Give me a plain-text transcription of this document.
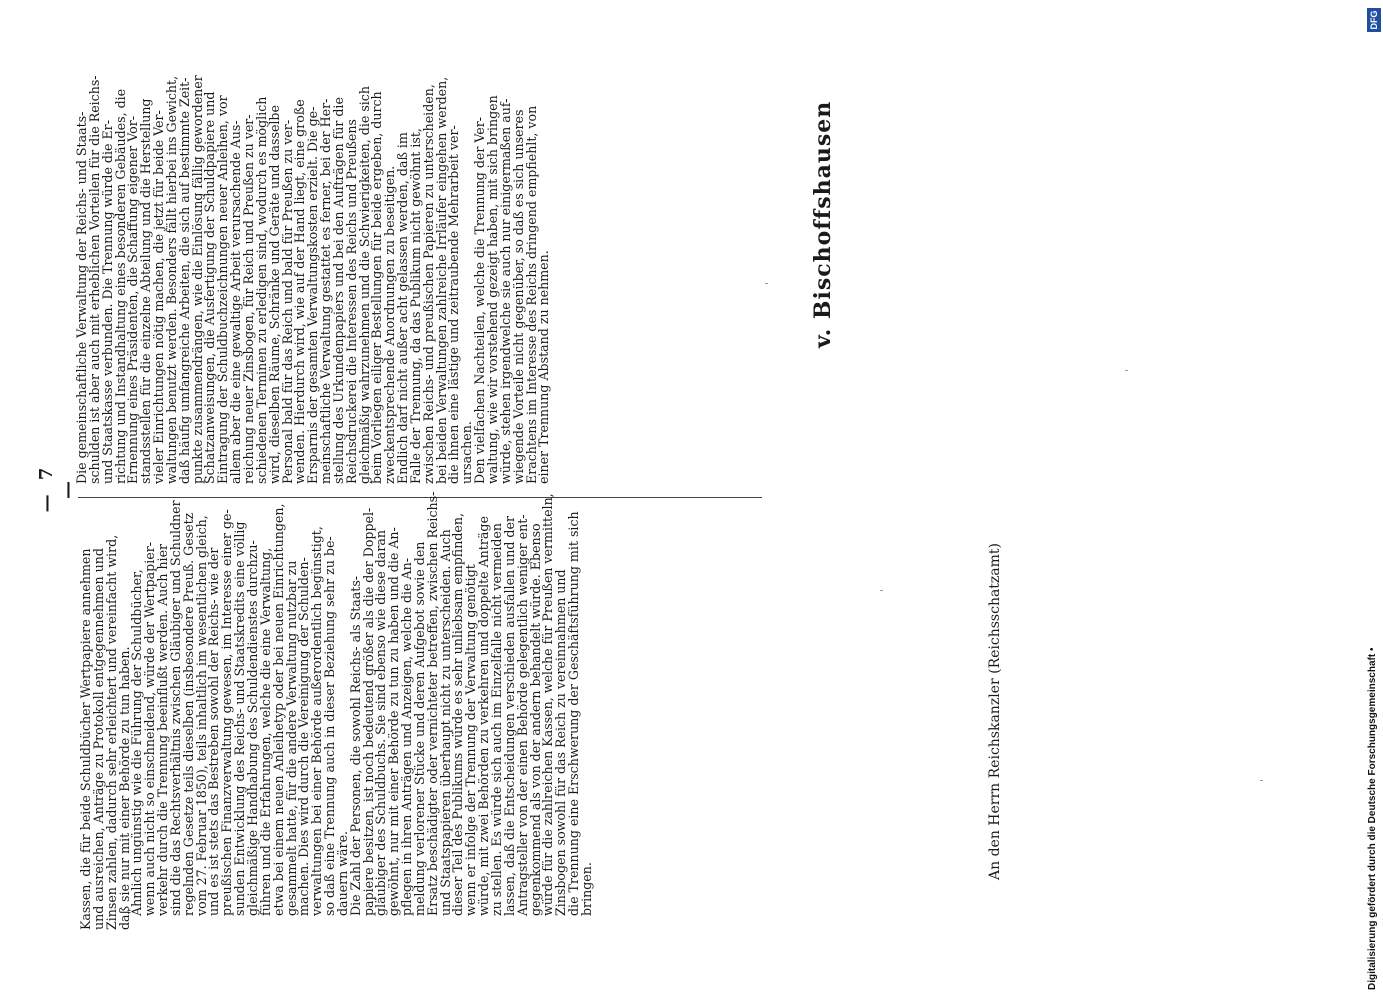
— 7 —

Kassen, die für beide Schuldbücher Wertpapiere annehmen
und ausreichen, Anträge zu Protokoll entgegennehmen und
Zinsen zahlen, dadurch sehr erleichtert und vereinfacht wird,
daß sie nur mit einer Behörde zu tun haben.

Ähnlich ungünstig wie die Führung der Schuldbücher,
wenn auch nicht so einschneidend, würde der Wertpapier-
verkehr durch die Trennung beeinflußt werden. Auch hier
sind die das Rechtsverhältnis zwischen Gläubiger und Schuldner
regelnden Gesetze teils dieselben (insbesondere Preuß. Gesetz
vom 27. Februar 1850), teils inhaltlich im wesentlichen gleich,
und es ist stets das Bestreben sowohl der Reichs- wie der
preußischen Finanzverwaltung gewesen, im Interesse einer ge-
sunden Entwicklung des Reichs- und Staatskredits eine völlig
gleichmäßige Handhabung des Schuldendienstes durchzu-
führen und die Erfahrungen, welche die eine Verwaltung,
etwa bei einem neuen Anleihetyp oder bei neuen Einrichtungen,
gesammelt hatte, für die andere Verwaltung nutzbar zu
machen. Dies wird durch die Vereinigung der Schulden-
verwaltungen bei einer Behörde außerordentlich begünstigt,
so daß eine Trennung auch in dieser Beziehung sehr zu be-
dauern wäre.

Die Zahl der Personen, die sowohl Reichs- als Staats-
papiere besitzen, ist noch bedeutend größer als die der Doppel-
gläubiger des Schuldbuchs. Sie sind ebenso wie diese daran
gewöhnt, nur mit einer Behörde zu tun zu haben und die An-
pflegen in ihren Anträgen und Anzeigen, welche die An-
meldung verlorener Stücke und deren Aufgebot sowie den
Ersatz beschädigter oder vernichteter betreffen, zwischen Reichs-
und Staatspapieren überhaupt nicht zu unterscheiden. Auch
dieser Teil des Publikums würde es sehr unliebsam empfinden,
wenn er infolge der Trennung der Verwaltung genötigt
würde, mit zwei Behörden zu verkehren und doppelte Anträge
zu stellen. Es würde sich auch im Einzelfalle nicht vermeiden
lassen, daß die Entscheidungen verschieden ausfallen und der
Antragsteller von der einen Behörde gelegentlich weniger ent-
gegenkommend als von der andern behandelt würde. Ebenso
würde für die zahlreichen Kassen, welche für Preußen vermitteln,
Zinsbogen sowohl für das Reich zu vereinnahmen und
die Trennung eine Erschwerung der Geschäftsführung mit sich
bringen.

Die gemeinschaftliche Verwaltung der Reichs- und Staats-
schulden ist aber auch mit erheblichen Vorteilen für die Reichs-
und Staatskasse verbunden. Die Trennung würde die Er-
richtung und Instandhaltung eines besonderen Gebäudes, die
Ernennung eines Präsidenten, die Schaffung eigener Vor-
standsstellen für die einzelne Abteilung und die Herstellung
vieler Einrichtungen nötig machen, die jetzt für beide Ver-
waltungen benutzt werden. Besonders fällt hierbei ins Gewicht,
daß häufig umfangreiche Arbeiten, die sich auf bestimmte Zeit-
punkte zusammendrängen, wie die Einlösung fällig gewordener
Schatzanweisungen, die Ausfertigung der Schuldpapiere und
Eintragung der Schuldbuchzeichnungen neuer Anleihen, vor
allem aber die eine gewaltige Arbeit verursachende Aus-
reichung neuer Zinsbogen, für Reich und Preußen zu ver-
schiedenen Terminen zu erledigen sind, wodurch es möglich
wird, dieselben Räume, Schränke und Geräte und dasselbe
Personal bald für das Reich und bald für Preußen zu ver-
wenden. Hierdurch wird, wie auf der Hand liegt, eine große
Ersparnis der gesamten Verwaltungskosten erzielt. Die ge-
meinschaftliche Verwaltung gestattet es ferner, bei der Her-
stellung des Urkundenpapiers und bei den Aufträgen für die
Reichsdruckerei die Interessen des Reichs und Preußens
gleichmäßig wahrzunehmen und die Schwierigkeiten, die sich
beim Vorliegen eiliger Bestellungen für beide ergeben, durch
zweckentsprechende Anordnungen zu beseitigen.

Endlich darf nicht außer acht gelassen werden, daß im
Falle der Trennung, da das Publikum nicht gewöhnt ist,
zwischen Reichs- und preußischen Papieren zu unterscheiden,
bei beiden Verwaltungen zahlreiche Irrläufer eingehen werden,
die ihnen eine lästige und zeitraubende Mehrarbeit ver-
ursachen.

Den vielfachen Nachteilen, welche die Trennung der Ver-
waltung, wie wir vorstehend gezeigt haben, mit sich bringen
würde, stehen irgendwelche sie auch nur einigermaßen auf-
wiegende Vorteile nicht gegenüber, so daß es sich unseres
Erachtens im Interesse des Reichs dringend empfiehlt, von
einer Trennung Abstand zu nehmen.

v. Bischoffshausen
An den Herrn Reichskanzler (Reichsschatzamt)	Digitalisierung gefördert durch die Deutsche Forschungsgemeinschaft •
DFG
